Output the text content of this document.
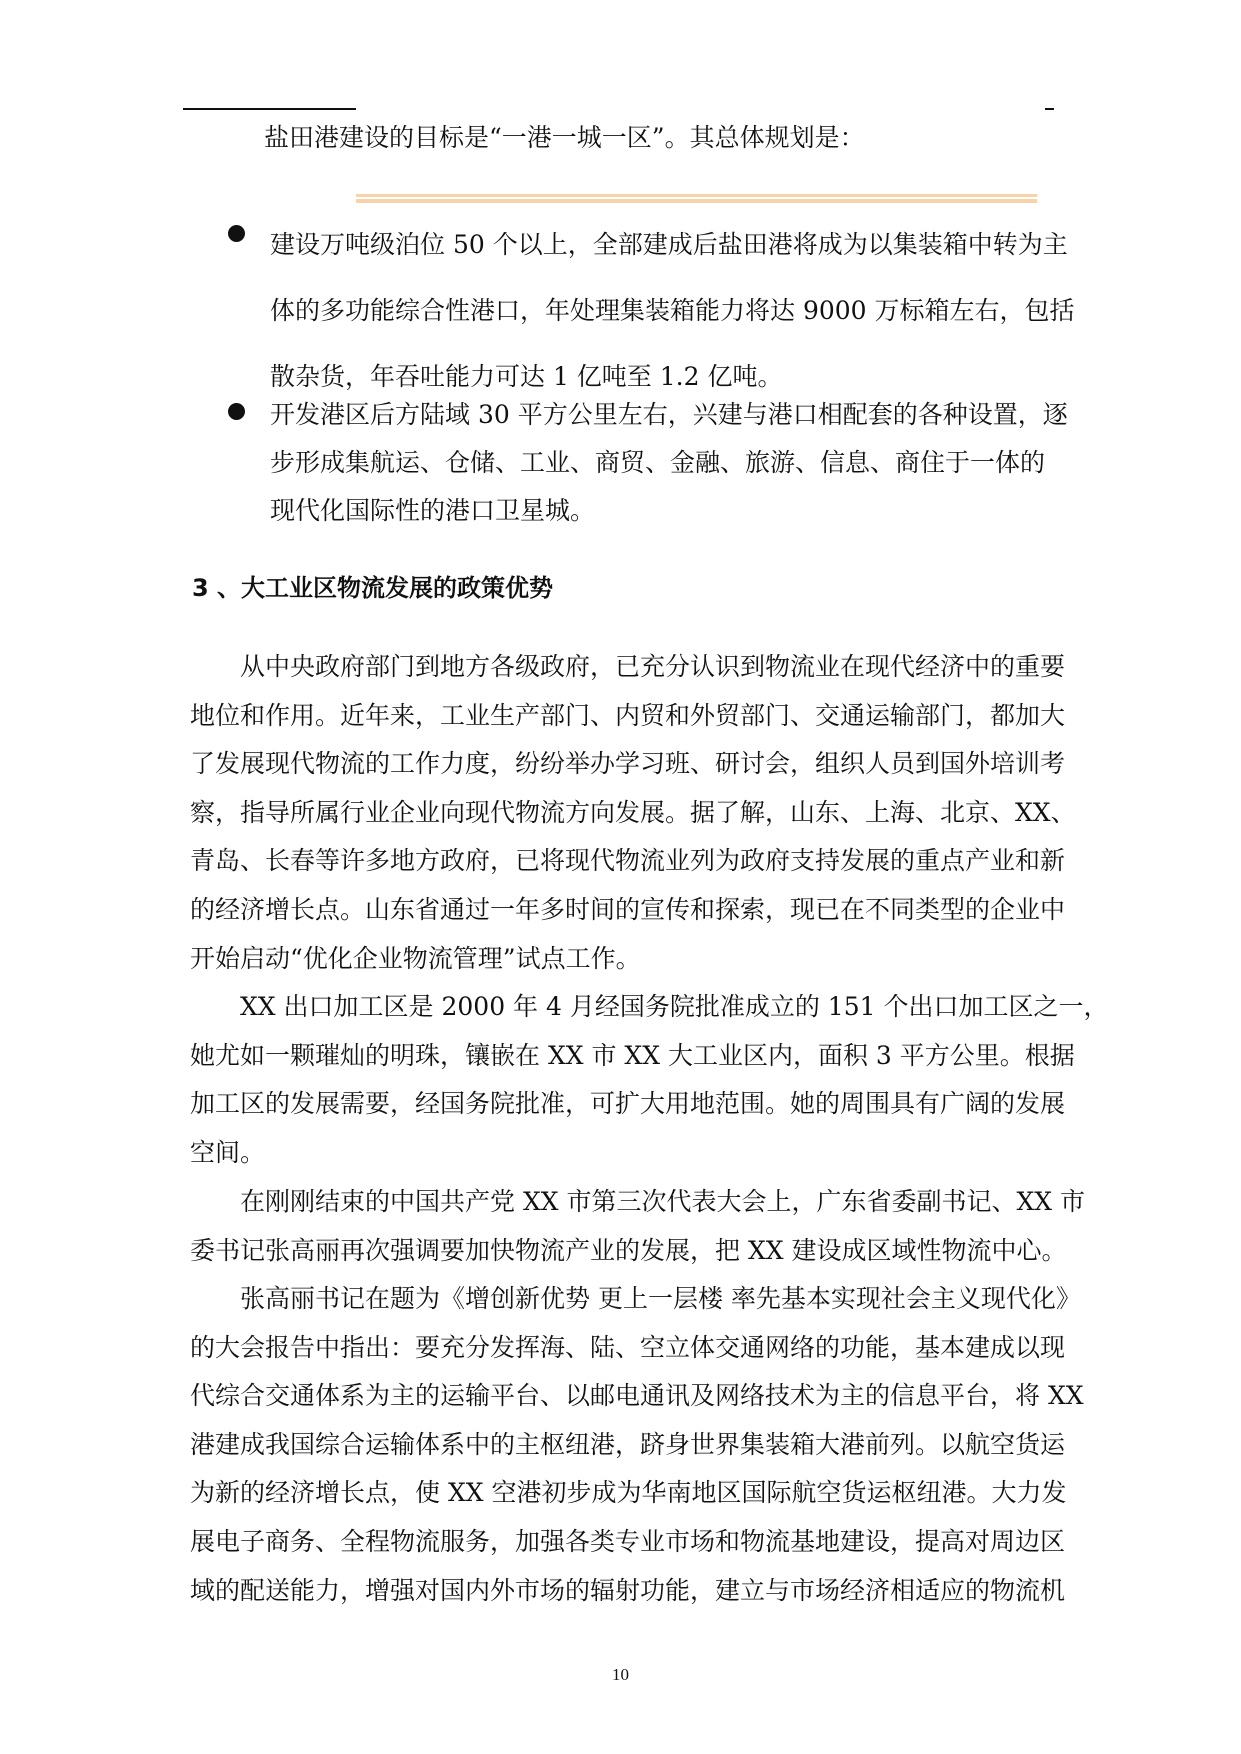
盐田港建设的目标是“一港一城一区”。其总体规划是：
建设万吨级泊位 50 个以上，全部建成后盐田港将成为以集装箱中转为主
体的多功能综合性港口，年处理集装箱能力将达 9000 万标箱左右，包括
散杂货，年吞吐能力可达 1 亿吨至 1.2 亿吨。
开发港区后方陆域 30 平方公里左右，兴建与港口相配套的各种设置，逐
步形成集航运、仓储、工业、商贸、金融、旅游、信息、商住于一体的
现代化国际性的港口卫星城。
3 、大工业区物流发展的政策优势
从中央政府部门到地方各级政府，已充分认识到物流业在现代经济中的重要
地位和作用。近年来，工业生产部门、内贸和外贸部门、交通运输部门，都加大
了发展现代物流的工作力度，纷纷举办学习班、研讨会，组织人员到国外培训考
察，指导所属行业企业向现代物流方向发展。据了解，山东、上海、北京、XX、
青岛、长春等许多地方政府，已将现代物流业列为政府支持发展的重点产业和新
的经济增长点。山东省通过一年多时间的宣传和探索，现已在不同类型的企业中
开始启动“优化企业物流管理”试点工作。
XX 出口加工区是 2000 年 4 月经国务院批准成立的 151 个出口加工区之一，
她尤如一颗璀灿的明珠，镶嵌在 XX 市 XX 大工业区内，面积 3 平方公里。根据
加工区的发展需要，经国务院批准，可扩大用地范围。她的周围具有广阔的发展
空间。
在刚刚结束的中国共产党 XX 市第三次代表大会上，广东省委副书记、XX 市
委书记张高丽再次强调要加快物流产业的发展，把 XX 建设成区域性物流中心。
张高丽书记在题为《增创新优势 更上一层楼 率先基本实现社会主义现代化》
的大会报告中指出：要充分发挥海、陆、空立体交通网络的功能，基本建成以现
代综合交通体系为主的运输平台、以邮电通讯及网络技术为主的信息平台，将 XX
港建成我国综合运输体系中的主枢纽港，跻身世界集装箱大港前列。以航空货运
为新的经济增长点，使 XX 空港初步成为华南地区国际航空货运枢纽港。大力发
展电子商务、全程物流服务，加强各类专业市场和物流基地建设，提高对周边区
域的配送能力，增强对国内外市场的辐射功能，建立与市场经济相适应的物流机
10
